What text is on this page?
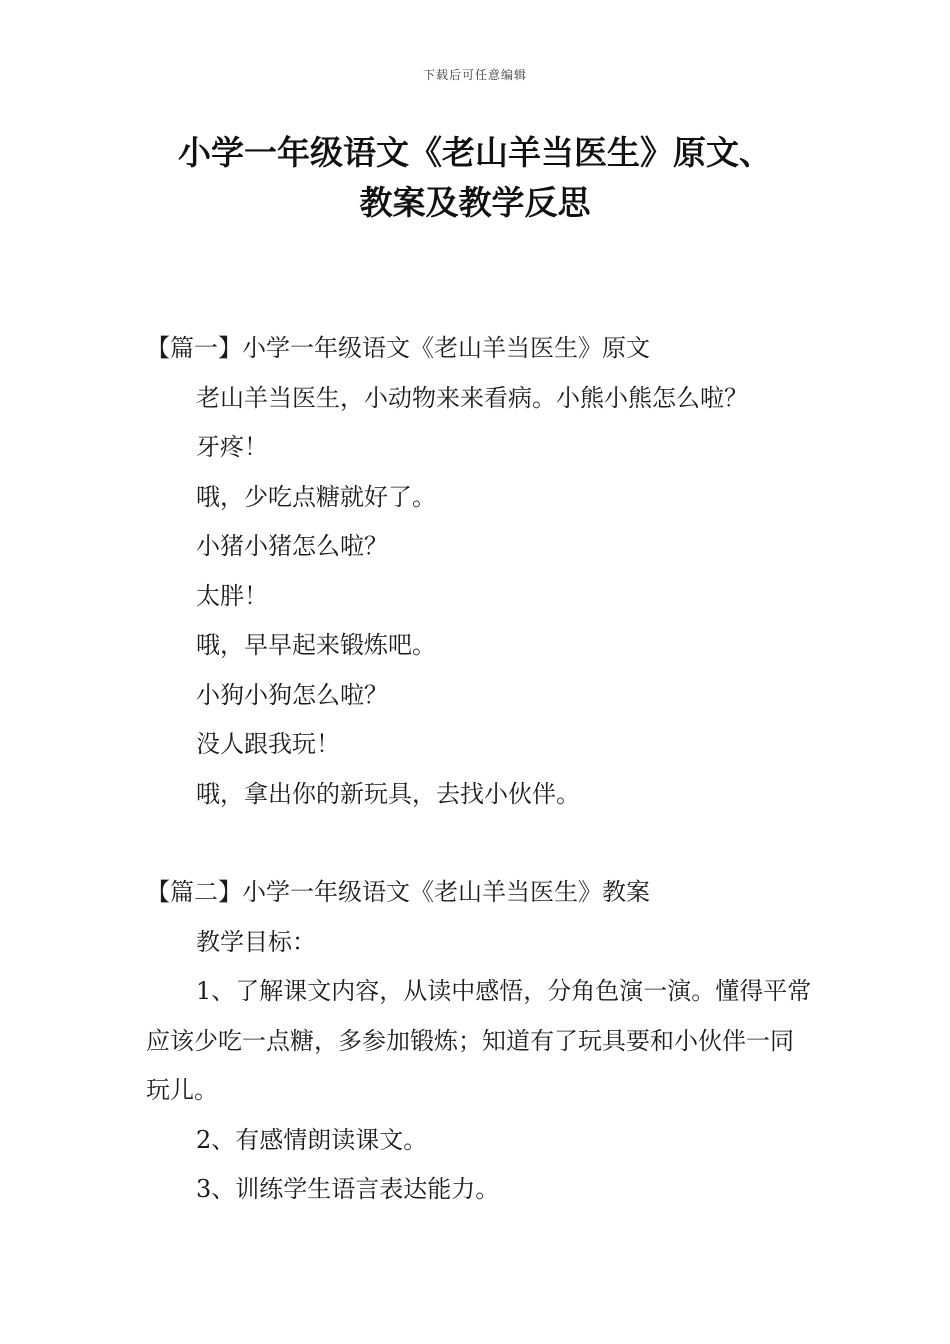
下载后可任意编辑
小学一年级语文《老山羊当医生》原文、
教案及教学反思

【篇一】小学一年级语文《老山羊当医生》原文

老山羊当医生，小动物来来看病。小熊小熊怎么啦？

牙疼！

哦，少吃点糖就好了。

小猪小猪怎么啦？

太胖！

哦，早早起来锻炼吧。

小狗小狗怎么啦？

没人跟我玩！

哦，拿出你的新玩具，去找小伙伴。

【篇二】小学一年级语文《老山羊当医生》教案

教学目标：

1、了解课文内容，从读中感悟，分角色演一演。懂得平常应该少吃一点糖，多参加锻炼；知道有了玩具要和小伙伴一同玩儿。

2、有感情朗读课文。

3、训练学生语言表达能力。
